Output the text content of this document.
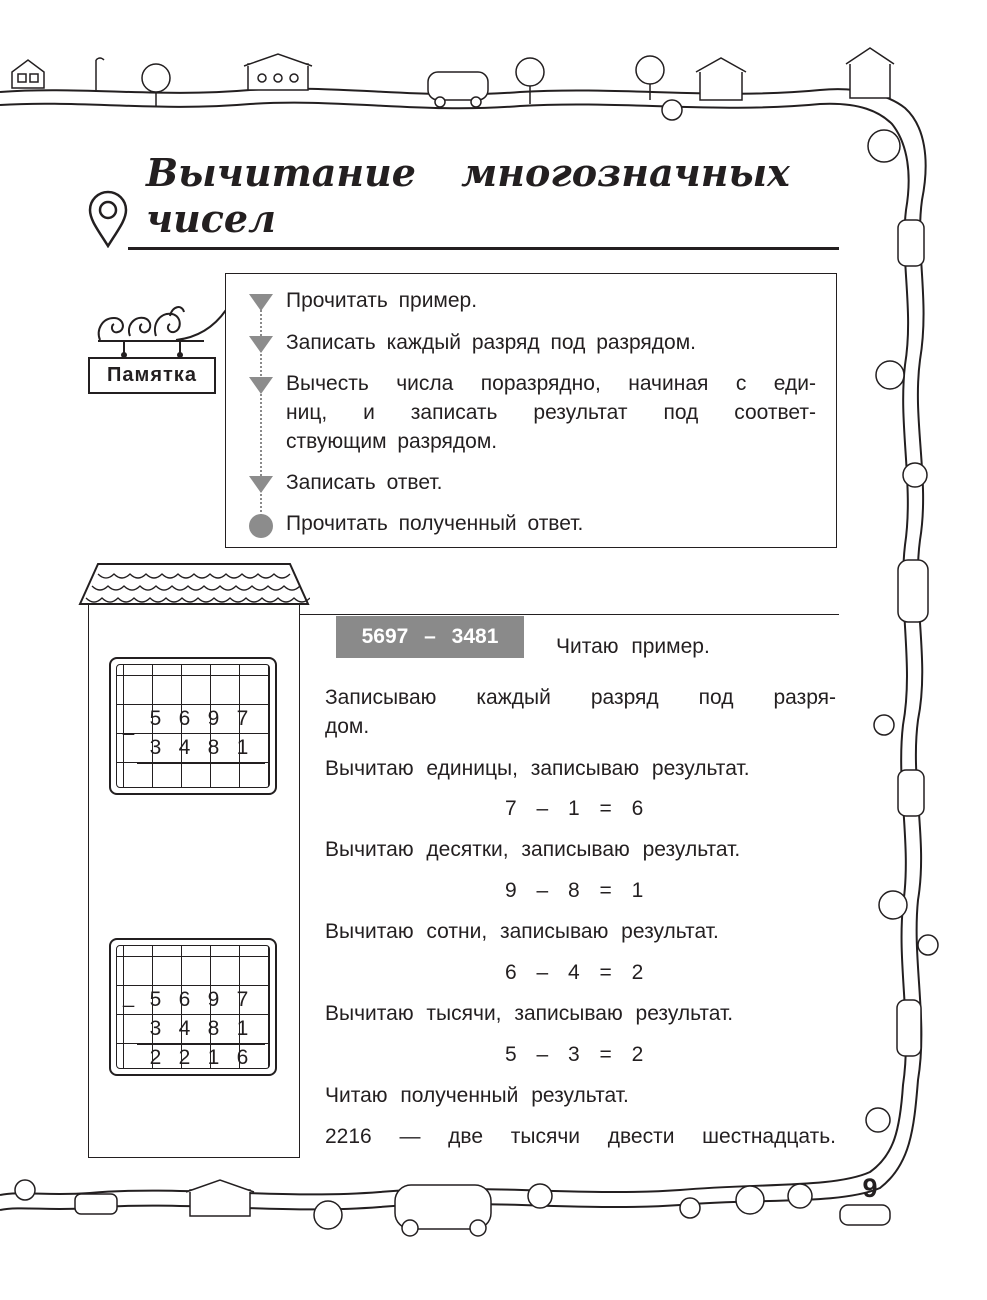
Вычитание многозначных
чисел
Памятка
Прочитать пример.
Записать каждый разряд под разрядом.
Вычесть числа поразрядно, начиная с еди-
ниц, и записать результат под соответ-
ствующим разрядом.
Записать ответ.
Прочитать полученный ответ.
_ 5 6 9 7
3 4 8 1
_ 5 6 9 7
3 4 8 1
2 2 1 6
5697 – 3481	Читаю пример.
Записываю каждый разряд под разря-
дом.
Вычитаю единицы, записываю результат.
7 – 1 = 6
Вычитаю десятки, записываю результат.
9 – 8 = 1
Вычитаю сотни, записываю результат.
6 – 4 = 2
Вычитаю тысячи, записываю результат.
5 – 3 = 2
Читаю полученный результат.
2216 — две тысячи двести шестнадцать.
9
